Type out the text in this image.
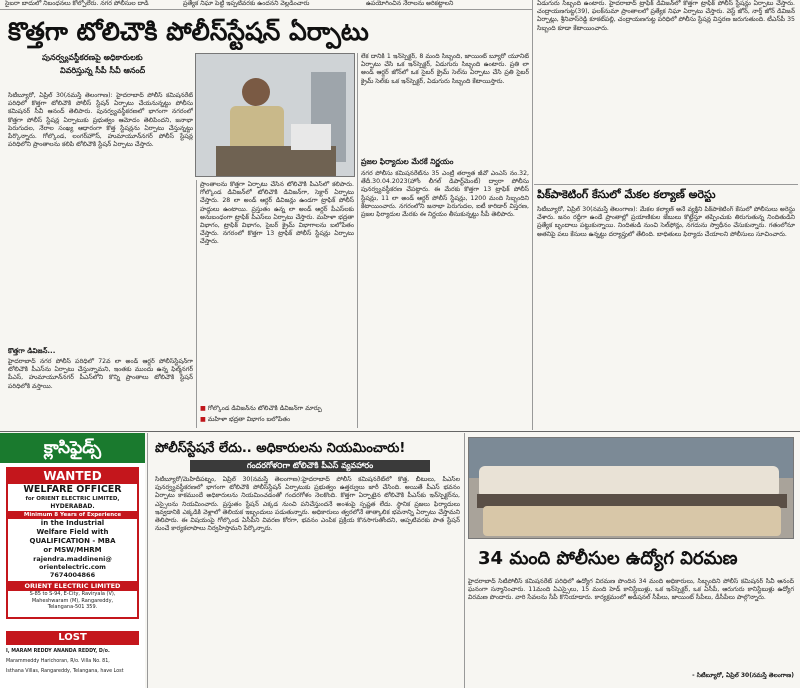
సైబరా బాదులో నిబంధనలు కోల్పోలేరు. నగర పోలీసుల దాడి	ప్రత్యేక నిఘా పెట్టి ఇప్పటివరకు ఉందనని వెల్లడించారు	ఉపయోగించిన నేరాలను అరికట్టాలని
కొత్తగా టోలిచౌకి పోలీస్‌స్టేషన్ ఏర్పాటు
పునర్వ్యవస్థీకరణపై అధికారులకు
వివరిస్తున్న సీపీ సీవీ ఆనంద్
సిటీబ్యూరో, ఏప్రిల్ 30(నమస్తే తెలంగాణ): హైదరాబాద్ పోలీస్ కమిషనరేట్ పరిధిలో కొత్తగా టోలిచౌకి పోలీస్ స్టేషన్ ఏర్పాటు చేయనున్నట్టు పోలీసు కమిషనర్ సీవీ ఆనంద్ తెలిపారు. పునర్వ్యవస్థీకరణలో భాగంగా నగరంలో కొత్తగా పోలీస్ స్టేషన్ల ఏర్పాటుకు ప్రభుత్వం ఆమోదం తెలిపిందని, జనాభా పెరుగుదల, నేరాల సంఖ్య ఆధారంగా కొత్త స్టేషన్లను ఏర్పాటు చేస్తున్నట్టు పేర్కొన్నారు. గోల్కొండ, లంగర్‌హౌస్, హుమాయూన్‌నగర్ పోలీస్ స్టేషన్ల పరిధిలోని ప్రాంతాలను కలిపి టోలిచౌకి స్టేషన్ ఏర్పాటు చేస్తారు.
కొత్తగా డివిజన్...
హైదరాబాద్ నగర పోలీస్ పరిధిలో 72వ లా అండ్ ఆర్డర్ పోలీస్‌స్టేషన్‌గా టోలిచౌకి పీఎస్‌ను ఏర్పాటు చేస్తున్నామని, ఇంతకు ముందు ఉన్న ఫిల్మ్‌నగర్ పీఎస్, హుమాయూన్‌నగర్ పీఎస్‌లోని కొన్ని ప్రాంతాలు టోలిచౌకి స్టేషన్ పరిధిలోకి వస్తాయి.
ప్రాంతాలను కొత్తగా ఏర్పాటు చేసిన టోలిచౌకి పీఎస్‌లో కలిపారు. గోల్కొండ డివిజన్‌లో టోలిచౌకి డివిజన్‌గా, సెక్టార్ ఏర్పాటు చేస్తారు. 28 లా అండ్ ఆర్డర్ డివిజన్లు ఉండగా ట్రాఫిక్ పోలీస్ హద్దులు ఉంటాయి. ప్రస్తుతం ఉన్న లా అండ్ ఆర్డర్ పీఎస్‌లకు అనుబంధంగా ట్రాఫిక్ పీఎస్‌లు ఏర్పాటు చేస్తారు. మహిళా భద్రతా విభాగం, ట్రాఫిక్ విభాగం, సైబర్ క్రైమ్ విభాగాలను బలోపేతం చేస్తారు. నగరంలో కొత్తగా 13 ట్రాఫిక్ పోలీస్ స్టేషన్లు ఏర్పాటు చేస్తారు.
■ గోల్కొండ డివిజన్‌ను టోలిచౌకి డివిజన్‌గా మార్పు
■ మహిళా భద్రతా విభాగం బలోపేతం
లేక దానికి 1 ఇన్‌స్పెక్టర్, 8 మంది సిబ్బంది, జాయింట్ బ్యూరో యూనిట్ ఏర్పాటు చేసి ఒక ఇన్‌స్పెక్టర్, ఏడుగురు సిబ్బంది ఉంటారు. ప్రతి లా అండ్ ఆర్డర్ జోన్‌లో ఒక సైబర్ క్రైమ్ సెల్‌ను ఏర్పాటు చేసి ప్రతి సైబర్ క్రైమ్ సెల్‌కు ఒక ఇన్‌స్పెక్టర్, ఏడుగురు సిబ్బంది కేటాయిస్తారు.
ప్రజల ఫిర్యాదుల మేరకే నిర్ణయం
నగర పోలీసు కమిషనరేట్‌ను 35 ఎంట్రీ తర్వాత జీవో ఎంఎస్ నం.32, తేదీ.30.04.2023(హోం లీగల్ డిపార్ట్‌మెంట్) ద్వారా పోలీసు పునర్వ్యవస్థీకరణ చేపట్టారు. ఈ మేరకు కొత్తగా 13 ట్రాఫిక్ పోలీస్ స్టేషన్లు, 11 లా అండ్ ఆర్డర్ పోలీస్ స్టేషన్లు, 1200 మంది సిబ్బందిని కేటాయించారు. నగరంలోని జనాభా పెరుగుదల, ఐటీ కారిడార్ విస్తరణ, ప్రజల ఫిర్యాదుల మేరకు ఈ నిర్ణయం తీసుకున్నట్టు సీపీ తెలిపారు.
ఏడుగురు సిబ్బంది ఉంటారు. హైదరాబాద్ ట్రాఫిక్ డివిజన్‌లో కొత్తగా ట్రాఫిక్ పోలీస్ స్టేషన్లు ఏర్పాటు చేస్తారు. చంద్రాయణగుట్ట(39), ఫలక్‌నుమా ప్రాంతాలలో ప్రత్యేక నిఘా ఏర్పాటు చేస్తారు. వెస్ట్ జోన్, నార్త్ జోన్ డివిజన్ ఏర్పాట్లు, శ్రీనివాస్‌రెడ్డి కూకట్‌పల్లి, చంద్రాయణగుట్ట పరిధిలో పోలీసు స్టేషన్ల విస్తరణ జరుగుతుంది. టీఎస్‌పీ 35 సిబ్బంది కూడా కేటాయించారు.
పిక్‌పాకెటింగ్ కేసులో మేకల కల్యాణ్ అరెస్టు
సిటీబ్యూరో, ఏప్రిల్ 30(నమస్తే తెలంగాణ): మేకల కల్యాణ్ అనే వ్యక్తిని పిక్‌పాకెటింగ్ కేసులో పోలీసులు అరెస్టు చేశారు. జనం రద్దీగా ఉండే ప్రాంతాల్లో ప్రయాణికుల జేబులు కొట్టేస్తూ తప్పించుకు తిరుగుతున్న నిందితుడిని ప్రత్యేక బృందాలు పట్టుకున్నాయి. నిందితుడి నుంచి సెల్‌ఫోన్లు, నగదును స్వాధీనం చేసుకున్నారు. గతంలోనూ అతనిపై పలు కేసులు ఉన్నట్టు దర్యాప్తులో తేలింది. బాధితులు ఫిర్యాదు చేయాలని పోలీసులు సూచించారు.
క్లాసిఫైడ్స్
WANTED
WELFARE OFFICER
for ORIENT ELECTRIC LIMITED,
HYDERABAD.
Minimum 8 Years of Experience
in the Industrial
Welfare Field with
QUALIFICATION - MBA
or MSW/MHRM
rajendra.maddineni@
orientelectric.com
7674004866
ORIENT ELECTRIC LIMITED
S-85 to S-94, E-City, Raviryala (V),
Maheshwaram (M), Rangareddy,
Telangana-501 359.
LOST
I, MARAM REDDY ANANDA REDDY, D/o.
Marammeddy Harichoran, R/o. Villa No. 81,
Isthana Villas, Rangareddy, Telangana, have Lost
పోలీస్‌స్టేషనే లేదు.. అధికారులను నియమించారు!
గందరగోళ౦గా టోలిచౌకి పీఎస్ వ్యవహారం
సిటీబ్యూరో/మెహిదీపట్నం, ఏప్రిల్ 30(నమస్తే తెలంగాణ):హైదరాబాద్ పోలీస్ కమిషనరేట్‌లో కొత్త, బీటులు, పీఎస్‌ల పునర్వ్యవస్థీకరణలో భాగంగా టోలిచౌకి పోలీస్‌స్టేషన్ ఏర్పాటుకు ప్రభుత్వం ఉత్తర్వులు జారీ చేసింది. అయితే పీఎస్ భవనం ఏర్పాటు కాకముందే అధికారులను నియమించడంతో గందరగోళం నెలకొంది. కొత్తగా ఏర్పాటైన టోలిచౌకి పీఎస్‌కు ఇన్‌స్పెక్టర్‌ను, ఎస్సైలను నియమించారు. ప్రస్తుతం స్టేషన్ ఎక్కడ నుంచి పనిచేస్తుందనే అంశంపై స్పష్టత లేదు. స్థానిక ప్రజలు ఫిర్యాదులు ఇవ్వడానికి ఎక్కడికి వెళ్లాలో తెలియక ఇబ్బందులు పడుతున్నారు. అధికారులు త్వరలోనే తాత్కాలిక భవనాన్ని ఏర్పాటు చేస్తామని తెలిపారు. ఈ విషయంపై గోల్కొండ ఏసీపీని వివరణ కోరగా, భవనం ఎంపిక ప్రక్రియ కొనసాగుతోందని, అప్పటివరకు పాత స్టేషన్ నుంచే కార్యకలాపాలు నిర్వహిస్తామని పేర్కొన్నారు.
34 మంది పోలీసుల ఉద్యోగ విరమణ
హైదరాబాద్ సిటీపోలీస్ కమిషనరేట్ పరిధిలో ఉద్యోగ విరమణ పొందిన 34 మంది అధికారులు, సిబ్బందిని పోలీస్ కమిషనర్ సీవీ ఆనంద్ ఘనంగా సన్మానించారు. 11మంది ఏఎస్సైలు, 15 మంది హెడ్ కానిస్టేబుళ్లు, ఒక ఇన్‌స్పెక్టర్, ఒక ఏసీపీ, ఆరుగురు కానిస్టేబుళ్లు ఉద్యోగ విరమణ పొందారు. వారి సేవలను సీపీ కొనియాడారు. కార్యక్రమంలో అడిషనల్ సీపీలు, జాయింట్ సీపీలు, డీసీపీలు పాల్గొన్నారు.
- సిటీబ్యూరో, ఏప్రిల్ 30(నమస్తే తెలంగాణ)
